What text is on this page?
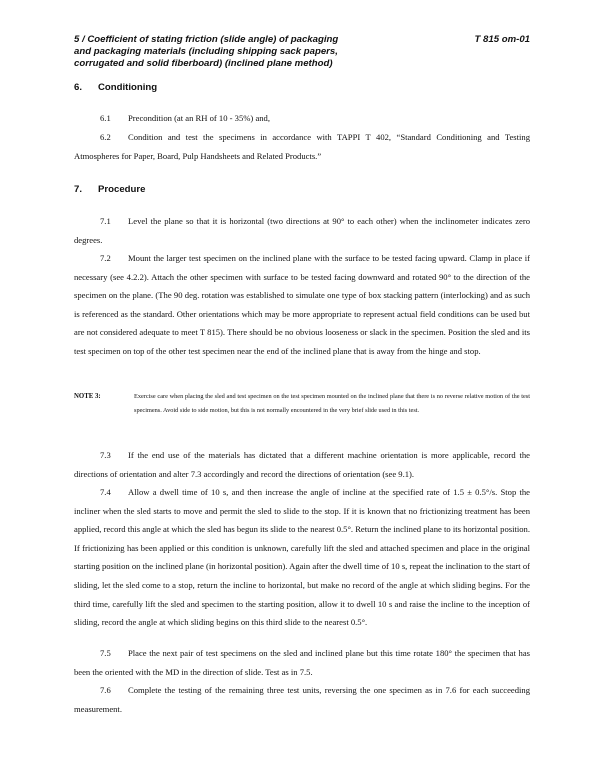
5 / Coefficient of stating friction (slide angle) of packaging
and packaging materials (including shipping sack papers,
corrugated and solid fiberboard) (inclined plane method)
T 815 om-01
6. Conditioning
6.1 Precondition (at an RH of 10 - 35%) and,
6.2 Condition and test the specimens in accordance with TAPPI T 402, “Standard Conditioning and Testing Atmospheres for Paper, Board, Pulp Handsheets and Related Products.”
7. Procedure
7.1 Level the plane so that it is horizontal (two directions at 90° to each other) when the inclinometer indicates zero degrees.
7.2 Mount the larger test specimen on the inclined plane with the surface to be tested facing upward. Clamp in place if necessary (see 4.2.2). Attach the other specimen with surface to be tested facing downward and rotated 90° to the direction of the specimen on the plane. (The 90 deg. rotation was established to simulate one type of box stacking pattern (interlocking) and as such is referenced as the standard. Other orientations which may be more appropriate to represent actual field conditions can be used but are not considered adequate to meet T 815). There should be no obvious looseness or slack in the specimen. Position the sled and its test specimen on top of the other test specimen near the end of the inclined plane that is away from the hinge and stop.
NOTE 3:	Exercise care when placing the sled and test specimen on the test specimen mounted on the inclined plane that there is no reverse relative motion of the test specimens. Avoid side to side motion, but this is not normally encountered in the very brief slide used in this test.
7.3 If the end use of the materials has dictated that a different machine orientation is more applicable, record the directions of orientation and alter 7.3 accordingly and record the directions of orientation (see 9.1).
7.4 Allow a dwell time of 10 s, and then increase the angle of incline at the specified rate of 1.5 ± 0.5°/s. Stop the incliner when the sled starts to move and permit the sled to slide to the stop. If it is known that no frictionizing treatment has been applied, record this angle at which the sled has begun its slide to the nearest 0.5°. Return the inclined plane to its horizontal position. If frictionizing has been applied or this condition is unknown, carefully lift the sled and attached specimen and place in the original starting position on the inclined plane (in horizontal position). Again after the dwell time of 10 s, repeat the inclination to the start of sliding, let the sled come to a stop, return the incline to horizontal, but make no record of the angle at which sliding begins. For the third time, carefully lift the sled and specimen to the starting position, allow it to dwell 10 s and raise the incline to the inception of sliding, record the angle at which sliding begins on this third slide to the nearest 0.5°.
7.5 Place the next pair of test specimens on the sled and inclined plane but this time rotate 180° the specimen that has been the oriented with the MD in the direction of slide. Test as in 7.5.
7.6 Complete the testing of the remaining three test units, reversing the one specimen as in 7.6 for each succeeding measurement.
